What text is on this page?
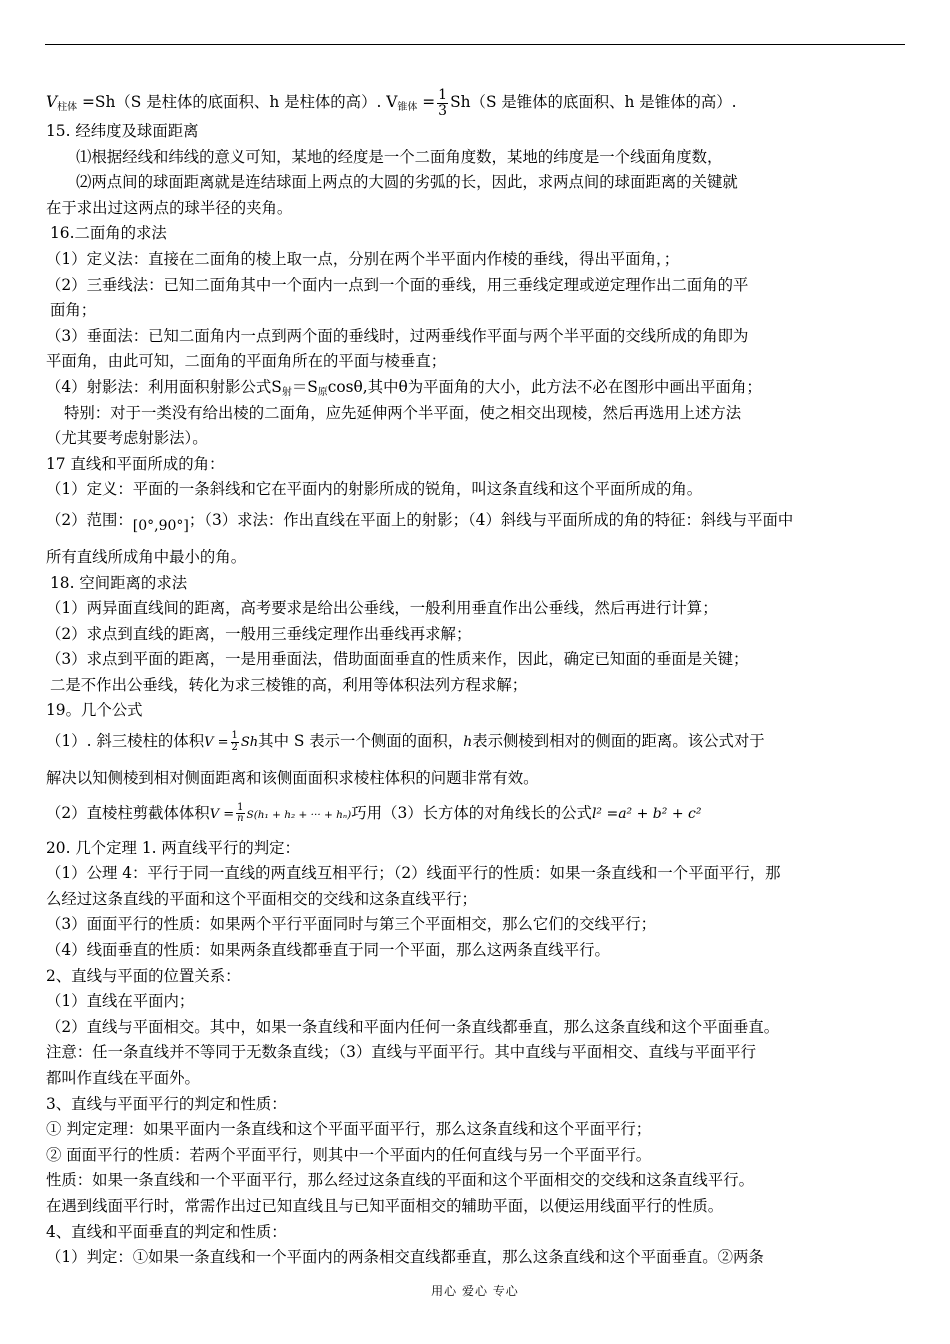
$V_{柱体} =Sh(S$ 是柱体的底面积、h 是柱体的高）. $V_{锥体} = \frac{1}{3} Sh(S$ 是锥体的底面积、h 是锥体的高）.
15. 经纬度及球面距离
⑴根据经线和纬线的意义可知，某地的经度是一个二面角度数，某地的纬度是一个线面角度数，
⑵两点间的球面距离就是连结球面上两点的大圆的劣弧的长，因此，求两点间的球面距离的关键就
在于求出过这两点的球半径的夹角。
16.二面角的求法
（1）定义法：直接在二面角的棱上取一点，分别在两个半平面内作棱的垂线，得出平面角，；
（2）三垂线法：已知二面角其中一个面内一点到一个面的垂线，用三垂线定理或逆定理作出二面角的平
面角；
（3）垂面法：已知二面角内一点到两个面的垂线时，过两垂线作平面与两个半平面的交线所成的角即为
平面角，由此可知，二面角的平面角所在的平面与棱垂直；
（4）射影法：利用面积射影公式$S_射=S_原\cos\theta$,其中θ为平面角的大小，此方法不必在图形中画出平面角；
特别：对于一类没有给出棱的二面角，应先延伸两个半平面，使之相交出现棱，然后再选用上述方法
（尤其要考虑射影法）。
17 直线和平面所成的角：
（1）定义：平面的一条斜线和它在平面内的射影所成的锐角，叫这条直线和这个平面所成的角。
（2）范围：[0°,90°]；（3）求法：作出直线在平面上的射影；（4）斜线与平面所成的角的特征：斜线与平面中
所有直线所成角中最小的角。
18. 空间距离的求法
（1）两异面直线间的距离，高考要求是给出公垂线，一般利用垂直作出公垂线，然后再进行计算；
（2）求点到直线的距离，一般用三垂线定理作出垂线再求解；
（3）求点到平面的距离，一是用垂面法，借助面面垂直的性质来作，因此，确定已知面的垂面是关键；
二是不作出公垂线，转化为求三棱锥的高，利用等体积法列方程求解；
19。几个公式
（1）. 斜三棱柱的体积$V = \frac{1}{2}$ Sh其中 S 表示一个侧面的面积，h表示侧棱到相对的侧面的距离。该公式对于
解决以知侧棱到相对侧面距离和该侧面面积求棱柱体积的问题非常有效。
（2）直棱柱剪截体体积$V = \frac{1}{n} S(h_1 + h_2$ + ··· + hₙ)巧用（3）长方体的对角线长的公式l² =a² + b² + c²
20. 几个定理 1. 两直线平行的判定：
（1）公理 4：平行于同一直线的两直线互相平行；（2）线面平行的性质：如果一条直线和一个平面平行，那
么经过这条直线的平面和这个平面相交的交线和这条直线平行；
（3）面面平行的性质：如果两个平行平面同时与第三个平面相交，那么它们的交线平行；
（4）线面垂直的性质：如果两条直线都垂直于同一个平面，那么这两条直线平行。
2、直线与平面的位置关系：
（1）直线在平面内；
（2）直线与平面相交。其中，如果一条直线和平面内任何一条直线都垂直，那么这条直线和这个平面垂直。
注意：任一条直线并不等同于无数条直线；（3）直线与平面平行。其中直线与平面相交、直线与平面平行
都叫作直线在平面外。
3、直线与平面平行的判定和性质：
① 判定定理：如果平面内一条直线和这个平面平面平行，那么这条直线和这个平面平行；
② 面面平行的性质：若两个平面平行，则其中一个平面内的任何直线与另一个平面平行。
性质：如果一条直线和一个平面平行，那么经过这条直线的平面和这个平面相交的交线和这条直线平行。
在遇到线面平行时，常需作出过已知直线且与已知平面相交的辅助平面，以便运用线面平行的性质。
4、直线和平面垂直的判定和性质：
（1）判定：①如果一条直线和一个平面内的两条相交直线都垂直，那么这条直线和这个平面垂直。②两条
用心 爱心 专心
